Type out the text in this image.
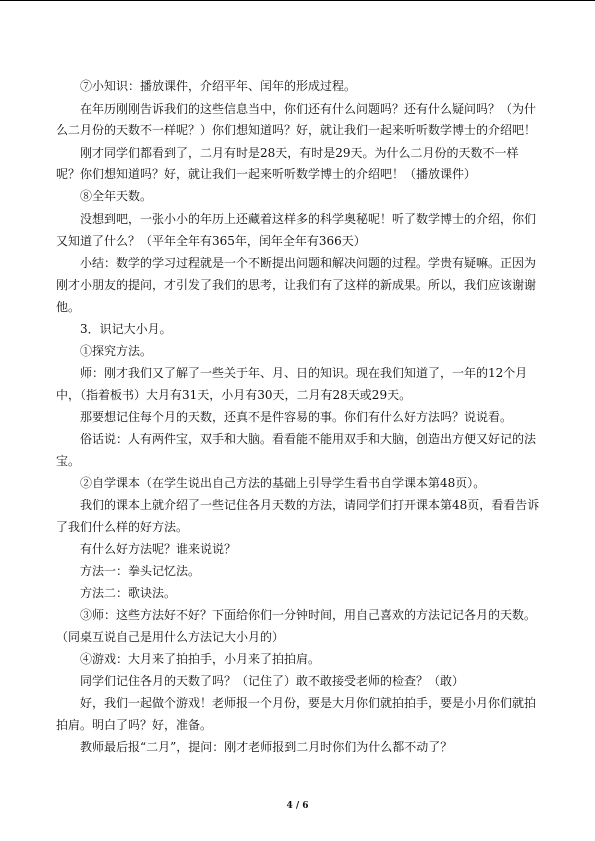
⑦小知识：播放课件，介绍平年、闰年的形成过程。

在年历刚刚告诉我们的这些信息当中，你们还有什么问题吗？还有什么疑问吗？（为什

么二月份的天数不一样呢？）你们想知道吗？好，就让我们一起来听听数学博士的介绍吧！

刚才同学们都看到了，二月有时是28天，有时是29天。为什么二月份的天数不一样

呢？你们想知道吗？好，就让我们一起来听听数学博士的介绍吧！（播放课件）

⑧全年天数。

没想到吧，一张小小的年历上还藏着这样多的科学奥秘呢！听了数学博士的介绍，你们

又知道了什么？（平年全年有365年，闰年全年有366天）

小结：数学的学习过程就是一个不断提出问题和解决问题的过程。学贵有疑嘛。正因为

刚才小朋友的提问，才引发了我们的思考，让我们有了这样的新成果。所以，我们应该谢谢

他。

3．识记大小月。

①探究方法。

师：刚才我们又了解了一些关于年、月、日的知识。现在我们知道了，一年的12个月

中，（指着板书）大月有31天，小月有30天，二月有28天或29天。

那要想记住每个月的天数，还真不是件容易的事。你们有什么好方法吗？说说看。

俗话说：人有两件宝，双手和大脑。看看能不能用双手和大脑，创造出方便又好记的法

宝。

②自学课本（在学生说出自己方法的基础上引导学生看书自学课本第48页）。

我们的课本上就介绍了一些记住各月天数的方法，请同学们打开课本第48页，看看告诉

了我们什么样的好方法。

有什么好方法呢？谁来说说？

方法一：拳头记忆法。

方法二：歌诀法。

③师：这些方法好不好？下面给你们一分钟时间，用自己喜欢的方法记记各月的天数。

（同桌互说自己是用什么方法记大小月的）

④游戏：大月来了拍拍手，小月来了拍拍肩。

同学们记住各月的天数了吗？（记住了）敢不敢接受老师的检查？（敢）

好，我们一起做个游戏！老师报一个月份，要是大月你们就拍拍手，要是小月你们就拍

拍肩。明白了吗？好，准备。

教师最后报“二月”，提问：刚才老师报到二月时你们为什么都不动了？

4 / 6
